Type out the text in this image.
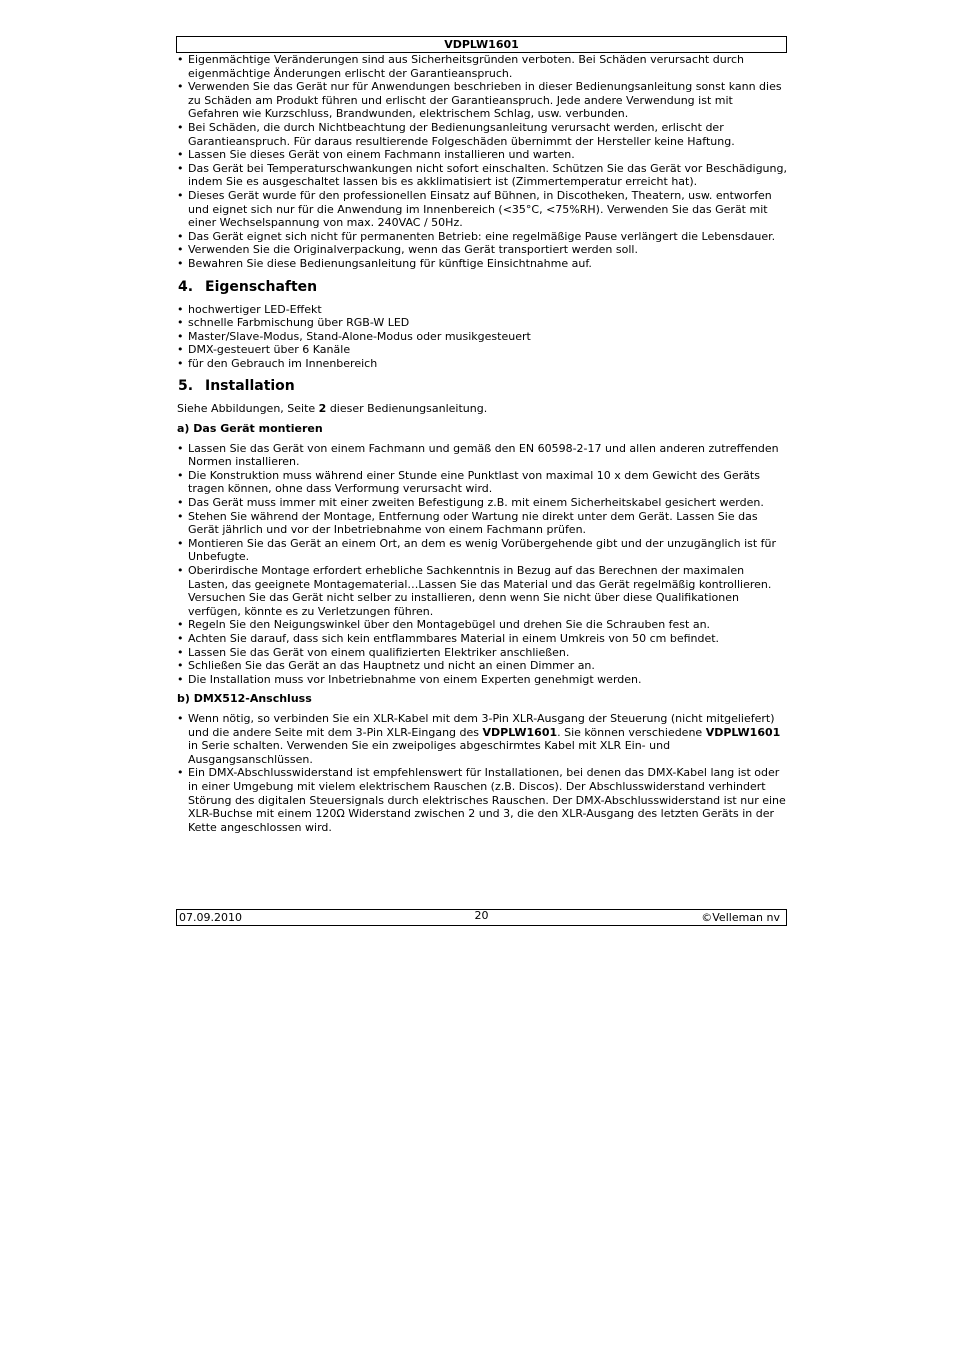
VDPLW1601
• Eigenmächtige Veränderungen sind aus Sicherheitsgründen verboten. Bei Schäden verursacht durch eigenmächtige Änderungen erlischt der Garantieanspruch.
• Verwenden Sie das Gerät nur für Anwendungen beschrieben in dieser Bedienungsanleitung sonst kann dies zu Schäden am Produkt führen und erlischt der Garantieanspruch. Jede andere Verwendung ist mit Gefahren wie Kurzschluss, Brandwunden, elektrischem Schlag, usw. verbunden.
• Bei Schäden, die durch Nichtbeachtung der Bedienungsanleitung verursacht werden, erlischt der Garantieanspruch. Für daraus resultierende Folgeschäden übernimmt der Hersteller keine Haftung.
• Lassen Sie dieses Gerät von einem Fachmann installieren und warten.
• Das Gerät bei Temperaturschwankungen nicht sofort einschalten. Schützen Sie das Gerät vor Beschädigung, indem Sie es ausgeschaltet lassen bis es akklimatisiert ist (Zimmertemperatur erreicht hat).
• Dieses Gerät wurde für den professionellen Einsatz auf Bühnen, in Discotheken, Theatern, usw. entworfen und eignet sich nur für die Anwendung im Innenbereich (<35°C, <75%RH). Verwenden Sie das Gerät mit einer Wechselspannung von max. 240VAC / 50Hz.
• Das Gerät eignet sich nicht für permanenten Betrieb: eine regelmäßige Pause verlängert die Lebensdauer.
• Verwenden Sie die Originalverpackung, wenn das Gerät transportiert werden soll.
• Bewahren Sie diese Bedienungsanleitung für künftige Einsichtnahme auf.
4. Eigenschaften
• hochwertiger LED-Effekt
• schnelle Farbmischung über RGB-W LED
• Master/Slave-Modus, Stand-Alone-Modus oder musikgesteuert
• DMX-gesteuert über 6 Kanäle
• für den Gebrauch im Innenbereich
5. Installation

Siehe Abbildungen, Seite 2 dieser Bedienungsanleitung.

a) Das Gerät montieren
• Lassen Sie das Gerät von einem Fachmann und gemäß den EN 60598-2-17 und allen anderen zutreffenden Normen installieren.
• Die Konstruktion muss während einer Stunde eine Punktlast von maximal 10 x dem Gewicht des Geräts tragen können, ohne dass Verformung verursacht wird.
• Das Gerät muss immer mit einer zweiten Befestigung z.B. mit einem Sicherheitskabel gesichert werden.
• Stehen Sie während der Montage, Entfernung oder Wartung nie direkt unter dem Gerät. Lassen Sie das Gerät jährlich und vor der Inbetriebnahme von einem Fachmann prüfen.
• Montieren Sie das Gerät an einem Ort, an dem es wenig Vorübergehende gibt und der unzugänglich ist für Unbefugte.
• Oberirdische Montage erfordert erhebliche Sachkenntnis in Bezug auf das Berechnen der maximalen Lasten, das geeignete Montagematerial…Lassen Sie das Material und das Gerät regelmäßig kontrollieren. Versuchen Sie das Gerät nicht selber zu installieren, denn wenn Sie nicht über diese Qualifikationen verfügen, könnte es zu Verletzungen führen.
• Regeln Sie den Neigungswinkel über den Montagebügel und drehen Sie die Schrauben fest an.
• Achten Sie darauf, dass sich kein entflammbares Material in einem Umkreis von 50 cm befindet.
• Lassen Sie das Gerät von einem qualifizierten Elektriker anschließen.
• Schließen Sie das Gerät an das Hauptnetz und nicht an einen Dimmer an.
• Die Installation muss vor Inbetriebnahme von einem Experten genehmigt werden.
b) DMX512-Anschluss
• Wenn nötig, so verbinden Sie ein XLR-Kabel mit dem 3-Pin XLR-Ausgang der Steuerung (nicht mitgeliefert) und die andere Seite mit dem 3-Pin XLR-Eingang des VDPLW1601. Sie können verschiedene VDPLW1601 in Serie schalten. Verwenden Sie ein zweipoliges abgeschirmtes Kabel mit XLR Ein- und Ausgangsanschlüssen.
• Ein DMX-Abschlusswiderstand ist empfehlenswert für Installationen, bei denen das DMX-Kabel lang ist oder in einer Umgebung mit vielem elektrischem Rauschen (z.B. Discos). Der Abschlusswiderstand verhindert Störung des digitalen Steuersignals durch elektrisches Rauschen. Der DMX-Abschlusswiderstand ist nur eine XLR-Buchse mit einem 120Ω Widerstand zwischen 2 und 3, die den XLR-Ausgang des letzten Geräts in der Kette angeschlossen wird.
07.09.2010	20	©Velleman nv
